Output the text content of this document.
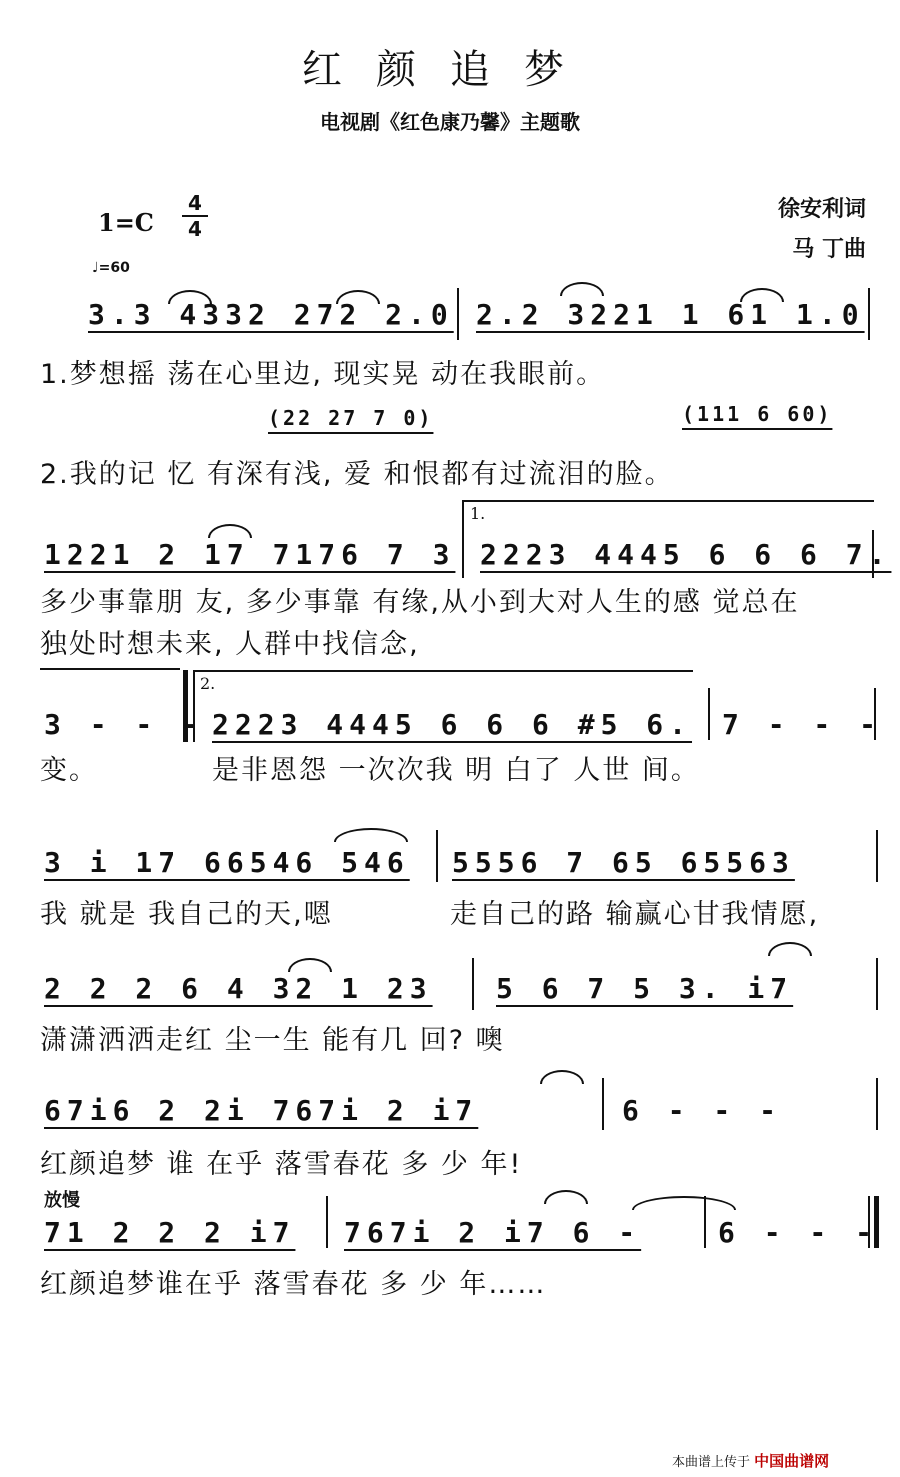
红颜追梦
电视剧《红色康乃馨》主题歌
1=C
4
4
♩=60
徐安利词
马 丁曲
3.3 4332 272 2.0 2.2 3221 1 61 1.0
1.梦想摇 荡在心里边, 现实晃 动在我眼前。
(22 27 7 0)	(111 6 60)
2.我的记 忆 有深有浅, 爱 和恨都有过流泪的脸。
1221 2 17 7176 7 3
1.
2223 4445 6 6 6 7.
多少事靠朋 友, 多少事靠 有缘,从小到大对人生的感 觉总在
独处时想未来, 人群中找信念,
3 - - -
2.
2223 4445 6 6 6 #5 6. 7 - - -
变。	是非恩怨 一次次我 明 白了 人世 间。
3 i 17 66546 546 5556 7 65 65563
我 就是 我自己的天,嗯	走自己的路 输赢心甘我情愿,
2 2 2 6 4 32 1 23 5 6 7 5 3. i7
潇潇洒洒走红 尘一生 能有几 回? 噢
67i6 2 2i 767i 2 i7	6 - - -
红颜追梦 谁 在乎 落雪春花 多 少 年!
放慢
71 2 2 2 i7 767i 2 i7 6 -	6 - - -
红颜追梦谁在乎 落雪春花 多 少 年……
本曲谱上传于 中国曲谱网
